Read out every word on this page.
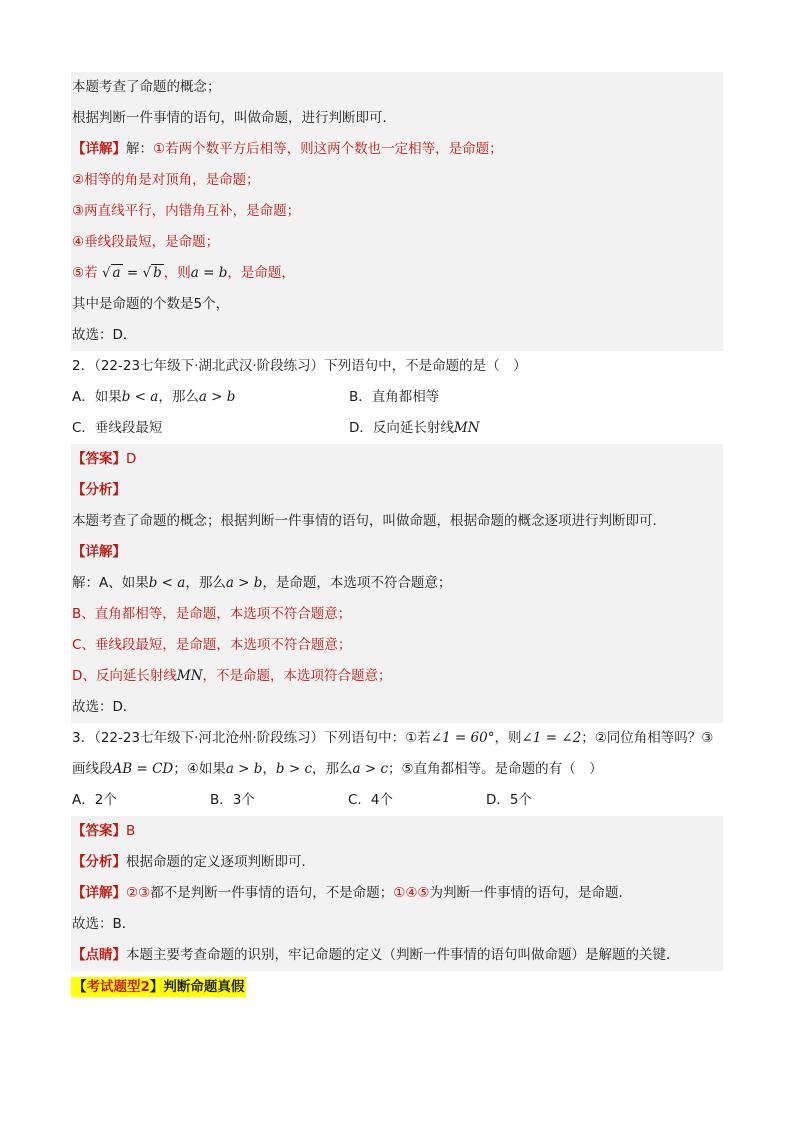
本题考查了命题的概念；
根据判断一件事情的语句，叫做命题，进行判断即可．
【详解】解：①若两个数平方后相等，则这两个数也一定相等，是命题；
②相等的角是对顶角，是命题；
③两直线平行，内错角互补，是命题；
④垂线段最短，是命题；
⑤若 √ a = √ b ，则a = b，是命题，
其中是命题的个数是5个，
故选：D．
2．（22-23七年级下·湖北武汉·阶段练习）下列语句中，不是命题的是（　）
A．如果b < a，那么a > b	B．直角都相等
C．垂线段最短	D．反向延长射线MN
【答案】D
【分析】
本题考查了命题的概念；根据判断一件事情的语句，叫做命题，根据命题的概念逐项进行判断即可．
【详解】
解：A、如果b < a，那么a > b，是命题，本选项不符合题意；
B、直角都相等，是命题，本选项不符合题意；
C、垂线段最短，是命题，本选项不符合题意；
D、反向延长射线MN，不是命题，本选项符合题意；
故选：D．
3．（22-23七年级下·河北沧州·阶段练习）下列语句中：①若∠1 = 60°，则∠1 = ∠2；②同位角相等吗？③
画线段AB = CD；④如果a > b，b > c，那么a > c；⑤直角都相等。是命题的有（　）
A．2个	B．3个	C．4个	D．5个
【答案】B
【分析】根据命题的定义逐项判断即可．
【详解】②③都不是判断一件事情的语句，不是命题；①④⑤为判断一件事情的语句，是命题．
故选：B．
【点睛】本题主要考查命题的识别，牢记命题的定义（判断一件事情的语句叫做命题）是解题的关键．
【考试题型2】判断命题真假
